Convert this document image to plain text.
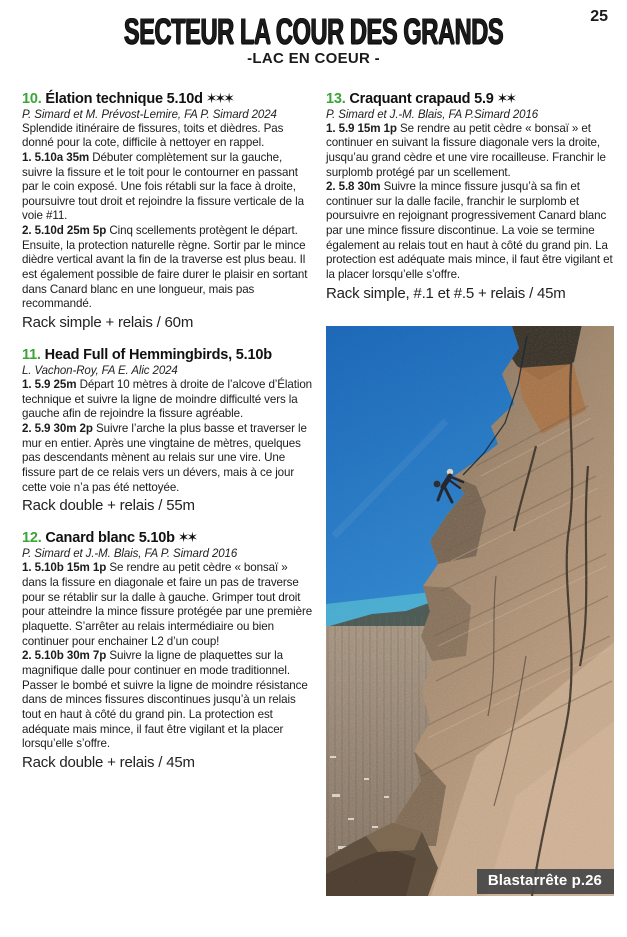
25
SECTEUR LA COUR DES GRANDS
-LAC EN COEUR -
10. Élation technique 5.10d ✶✶✶

P. Simard et M. Prévost-Lemire, FA P. Simard 2024

Splendide itinéraire de fissures, toits et dièdres. Pas donné pour la cote, difficile à nettoyer en rappel.

1. 5.10a 35m Débuter complètement sur la gauche, suivre la fissure et le toit pour le contourner en passant par le coin exposé. Une fois rétabli sur la face à droite, poursuivre tout droit et rejoindre la fissure verticale de la voie #11.

2. 5.10d 25m 5p Cinq scellements protègent le départ. Ensuite, la protection naturelle règne. Sortir par le mince dièdre vertical avant la fin de la traverse est plus beau. Il est également possible de faire durer le plaisir en sortant dans Canard blanc en une longueur, mais pas recommandé.

Rack simple + relais / 60m

11. Head Full of Hemmingbirds, 5.10b

L. Vachon-Roy, FA E. Alic 2024

1. 5.9 25m Départ 10 mètres à droite de l’alcove d’Élation technique et suivre la ligne de moindre difficulté vers la gauche afin de rejoindre la fissure agréable.

2. 5.9 30m 2p Suivre l’arche la plus basse et traverser le mur en entier. Après une vingtaine de mètres, quelques pas descendants mènent au relais sur une vire. Une fissure part de ce relais vers un dévers, mais à ce jour cette voie n’a pas été nettoyée.

Rack double + relais / 55m

12. Canard blanc 5.10b ✶✶

P. Simard et J.-M. Blais, FA P. Simard 2016

1. 5.10b 15m 1p Se rendre au petit cèdre « bonsaï » dans la fissure en diagonale et faire un pas de traverse pour se rétablir sur la dalle à gauche. Grimper tout droit pour atteindre la mince fissure protégée par une première plaquette. S’arrêter au relais intermédiaire ou bien continuer pour enchainer L2 d’un coup!

2. 5.10b 30m 7p Suivre la ligne de plaquettes sur la magnifique dalle pour continuer en mode traditionnel. Passer le bombé et suivre la ligne de moindre résistance dans de minces fissures discontinues jusqu’à un relais tout en haut à côté du grand pin. La protection est adéquate mais mince, il faut être vigilant et la placer lorsqu’elle s’offre.

Rack double + relais / 45m

13. Craquant crapaud 5.9 ✶✶

P. Simard et J.-M. Blais, FA P.Simard 2016

1. 5.9 15m 1p Se rendre au petit cèdre « bonsaï » et continuer en suivant la fissure diagonale vers la droite, jusqu’au grand cèdre et une vire rocailleuse. Franchir le surplomb protégé par un scellement.

2. 5.8 30m Suivre la mince fissure jusqu’à sa fin et continuer sur la dalle facile, franchir le surplomb et poursuivre en rejoignant progressivement Canard blanc par une mince fissure discontinue. La voie se termine également au relais tout en haut à côté du grand pin. La protection est adéquate mais mince, il faut être vigilant et la placer lorsqu’elle s’offre.

Rack simple, #.1 et #.5 + relais / 45m

Blastarrête p.26
